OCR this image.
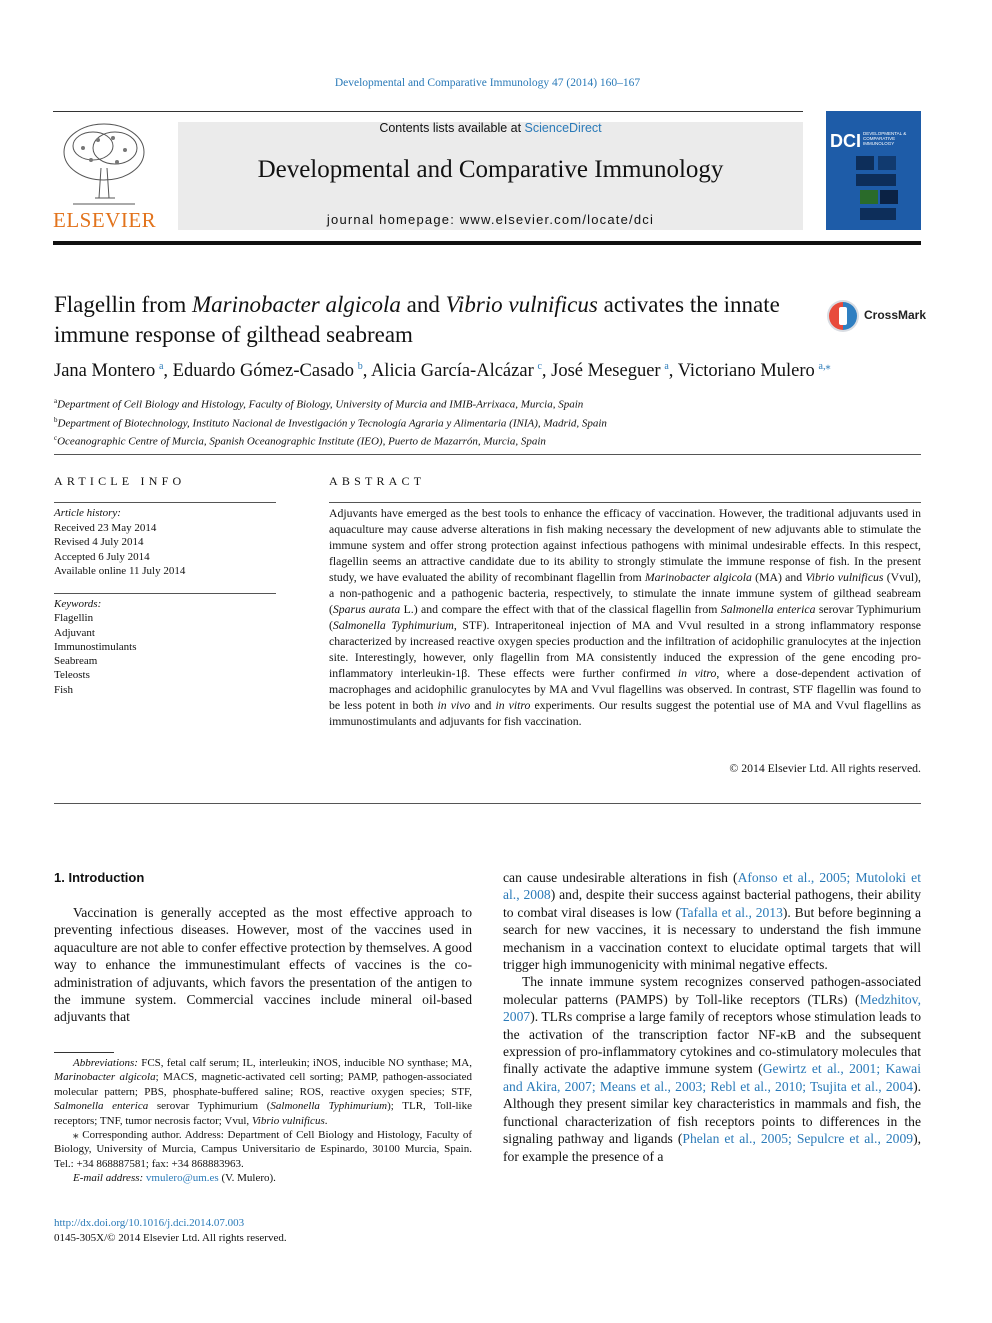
Developmental and Comparative Immunology 47 (2014) 160–167
ELSEVIER
Contents lists available at ScienceDirect
Developmental and Comparative Immunology
journal homepage: www.elsevier.com/locate/dci
DCI DEVELOPMENTAL & COMPARATIVE IMMUNOLOGY
Flagellin from Marinobacter algicola and Vibrio vulnificus activates the innate immune response of gilthead seabream
CrossMark
Jana Montero  $^a$, Eduardo Gómez-Casado  $^b$, Alicia García-Alcázar  $^c$, José Meseguer  $^a$, Victoriano Mulero  $^{a,⁎}$
$^a$Department of Cell Biology and Histology, Faculty of Biology, University of Murcia and IMIB-Arrixaca, Murcia, Spain
$^b$Department of Biotechnology, Instituto Nacional de Investigación y Tecnología Agraria y Alimentaria (INIA), Madrid, Spain
$^c$Oceanographic Centre of Murcia, Spanish Oceanographic Institute (IEO), Puerto de Mazarrón, Murcia, Spain
ARTICLE INFO
Article history:
Received 23 May 2014
Revised 4 July 2014
Accepted 6 July 2014
Available online 11 July 2014
Keywords:
Flagellin
Adjuvant
Immunostimulants
Seabream
Teleosts
Fish
ABSTRACT
Adjuvants have emerged as the best tools to enhance the efficacy of vaccination. However, the traditional adjuvants used in aquaculture may cause adverse alterations in fish making necessary the development of new adjuvants able to stimulate the immune system and offer strong protection against infectious pathogens with minimal undesirable effects. In this respect, flagellin seems an attractive candidate due to its ability to strongly stimulate the immune response of fish. In the present study, we have evaluated the ability of recombinant flagellin from Marinobacter algicola (MA) and Vibrio vulnificus (Vvul), a non-pathogenic and a pathogenic bacteria, respectively, to stimulate the innate immune system of gilthead seabream (Sparus aurata L.) and compare the effect with that of the classical flagellin from Salmonella enterica serovar Typhimurium (Salmonella Typhimurium, STF). Intraperitoneal injection of MA and Vvul resulted in a strong inflammatory response characterized by increased reactive oxygen species production and the infiltration of acidophilic granulocytes at the injection site. Interestingly, however, only flagellin from MA consistently induced the expression of the gene encoding pro-inflammatory interleukin-1β. These effects were further confirmed in vitro, where a dose-dependent activation of macrophages and acidophilic granulocytes by MA and Vvul flagellins was observed. In contrast, STF flagellin was found to be less potent in both in vivo and in vitro experiments. Our results suggest the potential use of MA and Vvul flagellins as immunostimulants and adjuvants for fish vaccination.
© 2014 Elsevier Ltd. All rights reserved.
1. Introduction

Vaccination is generally accepted as the most effective approach to preventing infectious diseases. However, most of the vaccines used in aquaculture are not able to confer effective protection by themselves. A good way to enhance the immunestimulant effects of vaccines is the co-administration of adjuvants, which favors the presentation of the antigen to the immune system. Commercial vaccines include mineral oil-based adjuvants that

can cause undesirable alterations in fish (Afonso et al., 2005; Mutoloki et al., 2008) and, despite their success against bacterial pathogens, their ability to combat viral diseases is low (Tafalla et al., 2013). But before beginning a search for new vaccines, it is necessary to understand the fish immune mechanism in a vaccination context to elucidate optimal targets that will trigger high immunogenicity with minimal negative effects.

The innate immune system recognizes conserved pathogen-associated molecular patterns (PAMPS) by Toll-like receptors (TLRs) (Medzhitov, 2007). TLRs comprise a large family of receptors whose stimulation leads to the activation of the transcription factor NF-κB and the subsequent expression of pro-inflammatory cytokines and co-stimulatory molecules that finally activate the adaptive immune system (Gewirtz et al., 2001; Kawai and Akira, 2007; Means et al., 2003; Rebl et al., 2010; Tsujita et al., 2004). Although they present similar key characteristics in mammals and fish, the functional characterization of fish receptors points to differences in the signaling pathway and ligands (Phelan et al., 2005; Sepulcre et al., 2009), for example the presence of a

Abbreviations: FCS, fetal calf serum; IL, interleukin; iNOS, inducible NO synthase; MA, Marinobacter algicola; MACS, magnetic-activated cell sorting; PAMP, pathogen-associated molecular pattern; PBS, phosphate-buffered saline; ROS, reactive oxygen species; STF, Salmonella enterica serovar Typhimurium (Salmonella Typhimurium); TLR, Toll-like receptors; TNF, tumor necrosis factor; Vvul, Vibrio vulnificus.

⁎ Corresponding author. Address: Department of Cell Biology and Histology, Faculty of Biology, University of Murcia, Campus Universitario de Espinardo, 30100 Murcia, Spain. Tel.: +34 868887581; fax: +34 868883963.

E-mail address: vmulero@um.es (V. Mulero).

http://dx.doi.org/10.1016/j.dci.2014.07.003
0145-305X/© 2014 Elsevier Ltd. All rights reserved.
